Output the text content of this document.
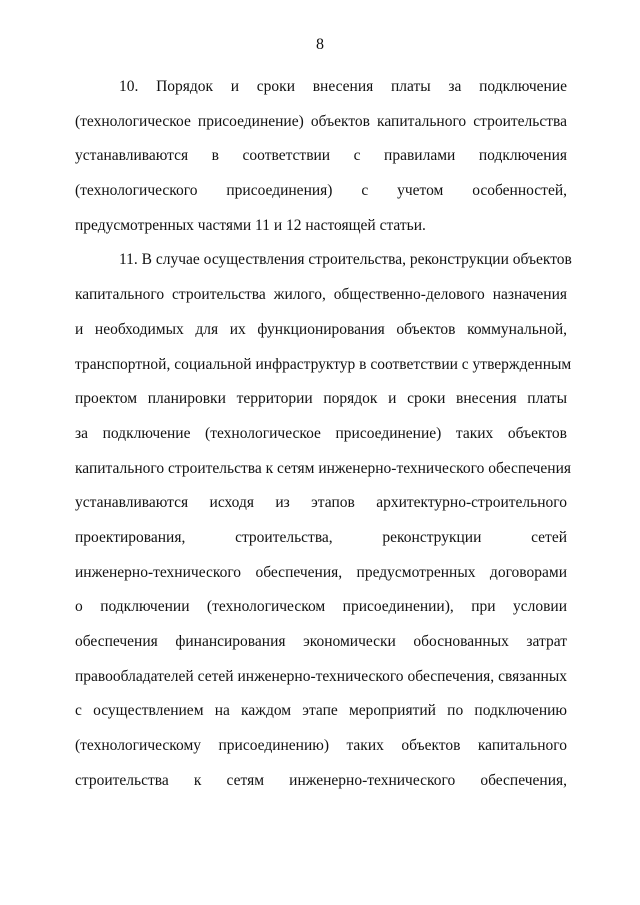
8
10. Порядок и сроки внесения платы за подключение
(технологическое присоединение) объектов капитального строительства
устанавливаются в соответствии с правилами подключения
(технологического присоединения) с учетом особенностей,
предусмотренных частями 11 и 12 настоящей статьи.
11. В случае осуществления строительства, реконструкции объектов
капитального строительства жилого, общественно-делового назначения
и необходимых для их функционирования объектов коммунальной,
транспортной, социальной инфраструктур в соответствии с утвержденным
проектом планировки территории порядок и сроки внесения платы
за подключение (технологическое присоединение) таких объектов
капитального строительства к сетям инженерно-технического обеспечения
устанавливаются исходя из этапов архитектурно-строительного
проектирования, строительства, реконструкции сетей
инженерно-технического обеспечения, предусмотренных договорами
о подключении (технологическом присоединении), при условии
обеспечения финансирования экономически обоснованных затрат
правообладателей сетей инженерно-технического обеспечения, связанных
с осуществлением на каждом этапе мероприятий по подключению
(технологическому присоединению) таких объектов капитального
строительства к сетям инженерно-технического обеспечения,
